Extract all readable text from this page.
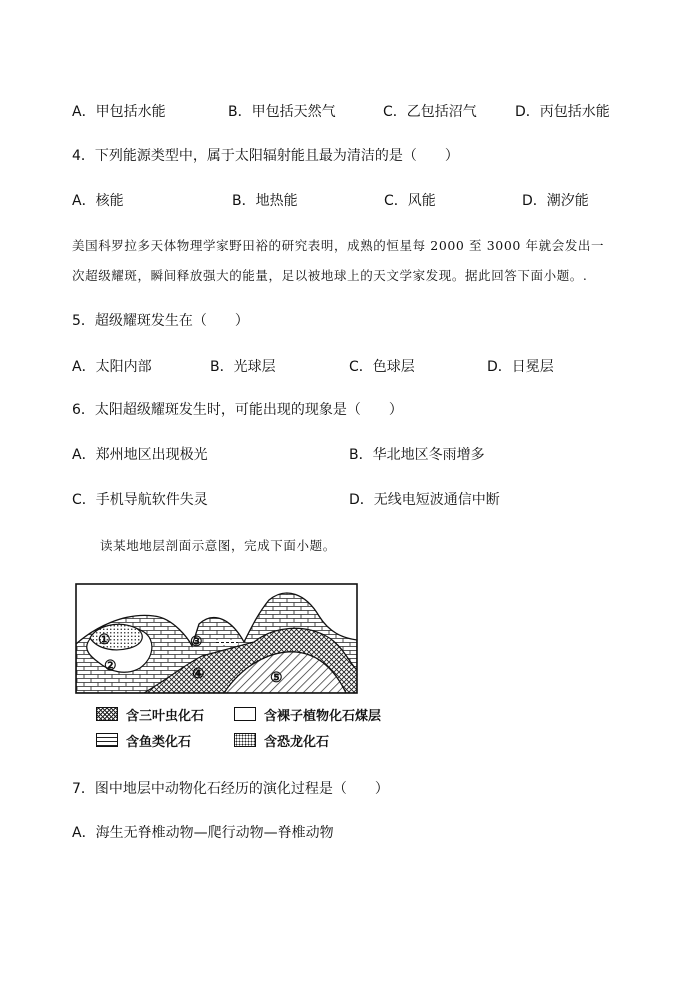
A．甲包括水能	B．甲包括天然气	C．乙包括沼气	D．丙包括水能
4．下列能源类型中，属于太阳辐射能且最为清洁的是（　　）
A．核能	B．地热能	C．风能	D．潮汐能
美国科罗拉多天体物理学家野田裕的研究表明，成熟的恒星每 2000 至 3000 年就会发出一
次超级耀斑，瞬间释放强大的能量，足以被地球上的天文学家发现。据此回答下面小题。.
5．超级耀斑发生在（　　）
A．太阳内部	B．光球层	C．色球层	D．日冕层
6．太阳超级耀斑发生时，可能出现的现象是（　　）
A．郑州地区出现极光	B．华北地区冬雨增多
C．手机导航软件失灵	D．无线电短波通信中断
读某地地层剖面示意图，完成下面小题。
①
②
③
④	⑤
含三叶虫化石	含裸子植物化石煤层
含鱼类化石	含恐龙化石
7．图中地层中动物化石经历的演化过程是（　　）
A．海生无脊椎动物—爬行动物—脊椎动物
